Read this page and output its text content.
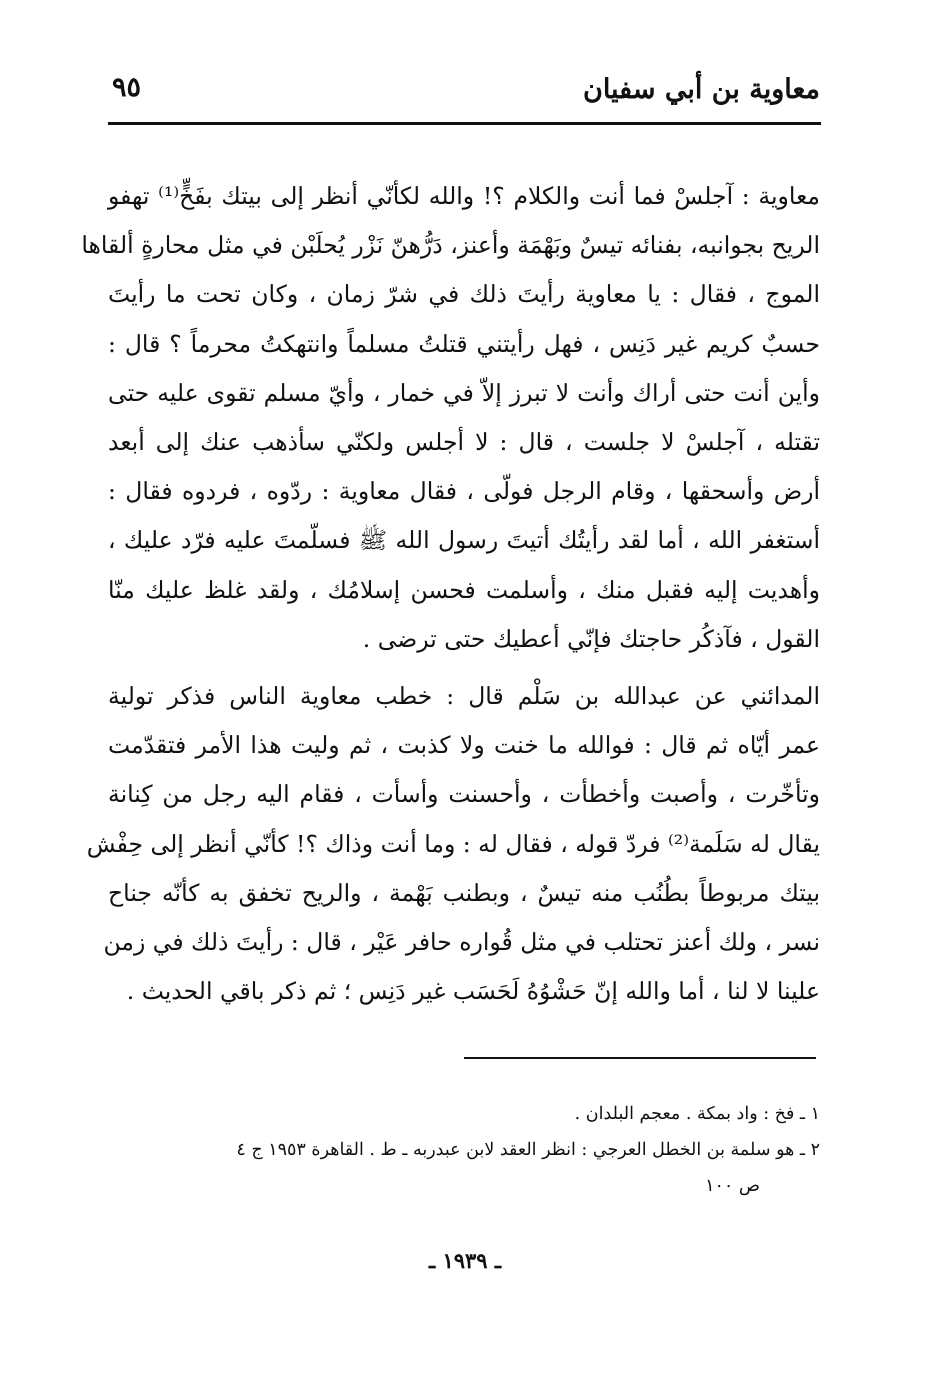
معاوية بن أبي سفيان
٩٥
معاوية : آجلسْ فما أنت والكلام ؟! والله لكأنّي أنظر إلى بيتك بفَخٍّ⁽¹⁾ تهفو
الريح بجوانبه، بفنائه تيسٌ وبَهْمَة وأعنز، دَرُّهنّ نَزْر يُحلَبْن في مثل محارةٍ ألقاها
الموج ، فقال : يا معاوية رأيتَ ذلك في شرّ زمان ، وكان تحت ما رأيتَ
حسبٌ كريم غير دَنِس ، فهل رأيتني قتلتُ مسلماً وانتهكتُ محرماً ؟ قال :
وأين أنت حتى أراك وأنت لا تبرز إلاّ في خمار ، وأيّ مسلم تقوى عليه حتى
تقتله ، آجلسْ لا جلست ، قال : لا أجلس ولكنّي سأذهب عنك إلى أبعد
أرض وأسحقها ، وقام الرجل فولّى ، فقال معاوية : ردّوه ، فردوه فقال :
أستغفر الله ، أما لقد رأيتُك أتيتَ رسول الله ﷺ فسلّمتَ عليه فرّد عليك ،
وأهديت إليه فقبل منك ، وأسلمت فحسن إسلامُك ، ولقد غلظ عليك منّا
القول ، فآذكُر حاجتك فإنّي أعطيك حتى ترضى .
المدائني عن عبدالله بن سَلْم قال : خطب معاوية الناس فذكر تولية
عمر أيّاه ثم قال : فوالله ما خنت ولا كذبت ، ثم وليت هذا الأمر فتقدّمت
وتأخّرت ، وأصبت وأخطأت ، وأحسنت وأسأت ، فقام اليه رجل من كِنانة
يقال له سَلَمة⁽²⁾ فردّ قوله ، فقال له : وما أنت وذاك ؟! كأنّي أنظر إلى حِفْش
بيتك مربوطاً بطُنُب منه تيسٌ ، وبطنب بَهْمة ، والريح تخفق به كأنّه جناح
نسر ، ولك أعنز تحتلب في مثل قُواره حافر عَيْر ، قال : رأيتَ ذلك في زمن
علينا لا لنا ، أما والله إنّ حَشْوُهُ لَحَسَب غير دَنِس ؛ ثم ذكر باقي الحديث .
١ ـ فخ : واد بمكة . معجم البلدان .
٢ ـ هو سلمة بن الخطل العرجي : انظر العقد لابن عبدربه ـ ط . القاهرة ١٩٥٣ ج ٤
ص ١٠٠
ـ ١٩٣٩ ـ
